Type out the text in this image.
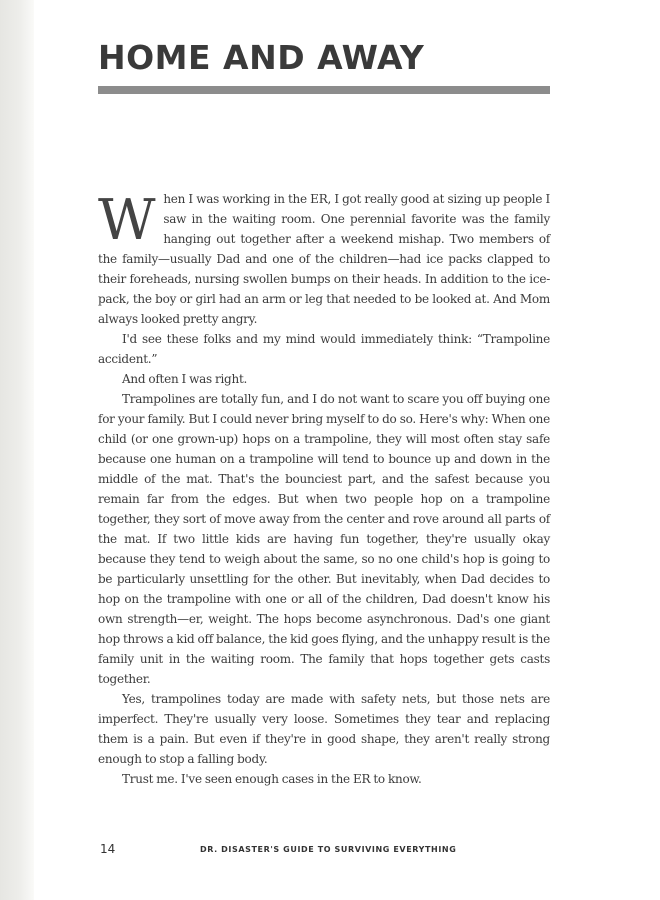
HOME AND AWAY

When I was working in the ER, I got really good at sizing up people I saw in the waiting room. One perennial favorite was the family hanging out together after a weekend mishap. Two members of the family—usually Dad and one of the children—had ice packs clapped to their foreheads, nursing swollen bumps on their heads. In addition to the ice-pack, the boy or girl had an arm or leg that needed to be looked at. And Mom always looked pretty angry.

I'd see these folks and my mind would immediately think: “Trampoline accident.”

And often I was right.

Trampolines are totally fun, and I do not want to scare you off buying one for your family. But I could never bring myself to do so. Here's why: When one child (or one grown-up) hops on a trampoline, they will most often stay safe because one human on a trampoline will tend to bounce up and down in the middle of the mat. That's the bounciest part, and the safest because you remain far from the edges. But when two people hop on a trampoline together, they sort of move away from the center and rove around all parts of the mat. If two little kids are having fun together, they're usually okay because they tend to weigh about the same, so no one child's hop is going to be particularly unsettling for the other. But inevitably, when Dad decides to hop on the trampoline with one or all of the children, Dad doesn't know his own strength—er, weight. The hops become asynchronous. Dad's one giant hop throws a kid off balance, the kid goes flying, and the unhappy result is the family unit in the waiting room. The family that hops together gets casts together.

Yes, trampolines today are made with safety nets, but those nets are imperfect. They're usually very loose. Sometimes they tear and replacing them is a pain. But even if they're in good shape, they aren't really strong enough to stop a falling body.

Trust me. I've seen enough cases in the ER to know.

14	DR. DISASTER'S GUIDE TO SURVIVING EVERYTHING
